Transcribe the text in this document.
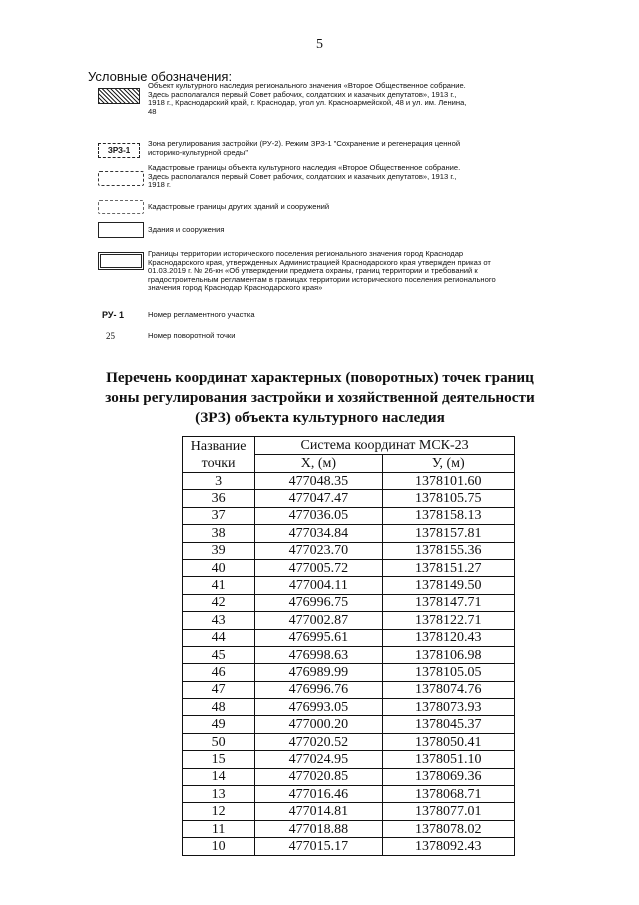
5
Условные обозначения:
Объект культурного наследия регионального значения «Второе Общественное собрание. Здесь располагался первый Совет рабочих, солдатских и казачьих депутатов», 1913 г., 1918 г., Краснодарский край, г. Краснодар, угол ул. Красноармейской, 48 и ул. им. Ленина, 48
ЗРЗ-1
Зона регулирования застройки (РУ-2). Режим ЗРЗ-1 "Сохранение и регенерация ценной историко-культурной среды"
Кадастровые границы объекта культурного наследия «Второе Общественное собрание. Здесь располагался первый Совет рабочих, солдатских и казачьих депутатов», 1913 г., 1918 г.
Кадастровые границы других зданий и сооружений
Здания и сооружения
Границы территории исторического поселения регионального значения город Краснодар Краснодарского края, утвержденных Администрацией Краснодарского края утвержден приказ от 01.03.2019 г. № 26-кн «Об утверждении предмета охраны, границ территории и требований к градостроительным регламентам в границах территории исторического поселения регионального значения город Краснодар Краснодарского края»
РУ- 1	Номер регламентного участка
25	Номер поворотной точки
Перечень координат характерных (поворотных) точек границ зоны регулирования застройки и хозяйственной деятельности (ЗРЗ) объекта культурного наследия
Название точки	Система координат МСК-23	
	X, (м)	У, (м)
3	477048.35	1378101.60
36	477047.47	1378105.75
37	477036.05	1378158.13
38	477034.84	1378157.81
39	477023.70	1378155.36
40	477005.72	1378151.27
41	477004.11	1378149.50
42	476996.75	1378147.71
43	477002.87	1378122.71
44	476995.61	1378120.43
45	476998.63	1378106.98
46	476989.99	1378105.05
47	476996.76	1378074.76
48	476993.05	1378073.93
49	477000.20	1378045.37
50	477020.52	1378050.41
15	477024.95	1378051.10
14	477020.85	1378069.36
13	477016.46	1378068.71
12	477014.81	1378077.01
11	477018.88	1378078.02
10	477015.17	1378092.43
